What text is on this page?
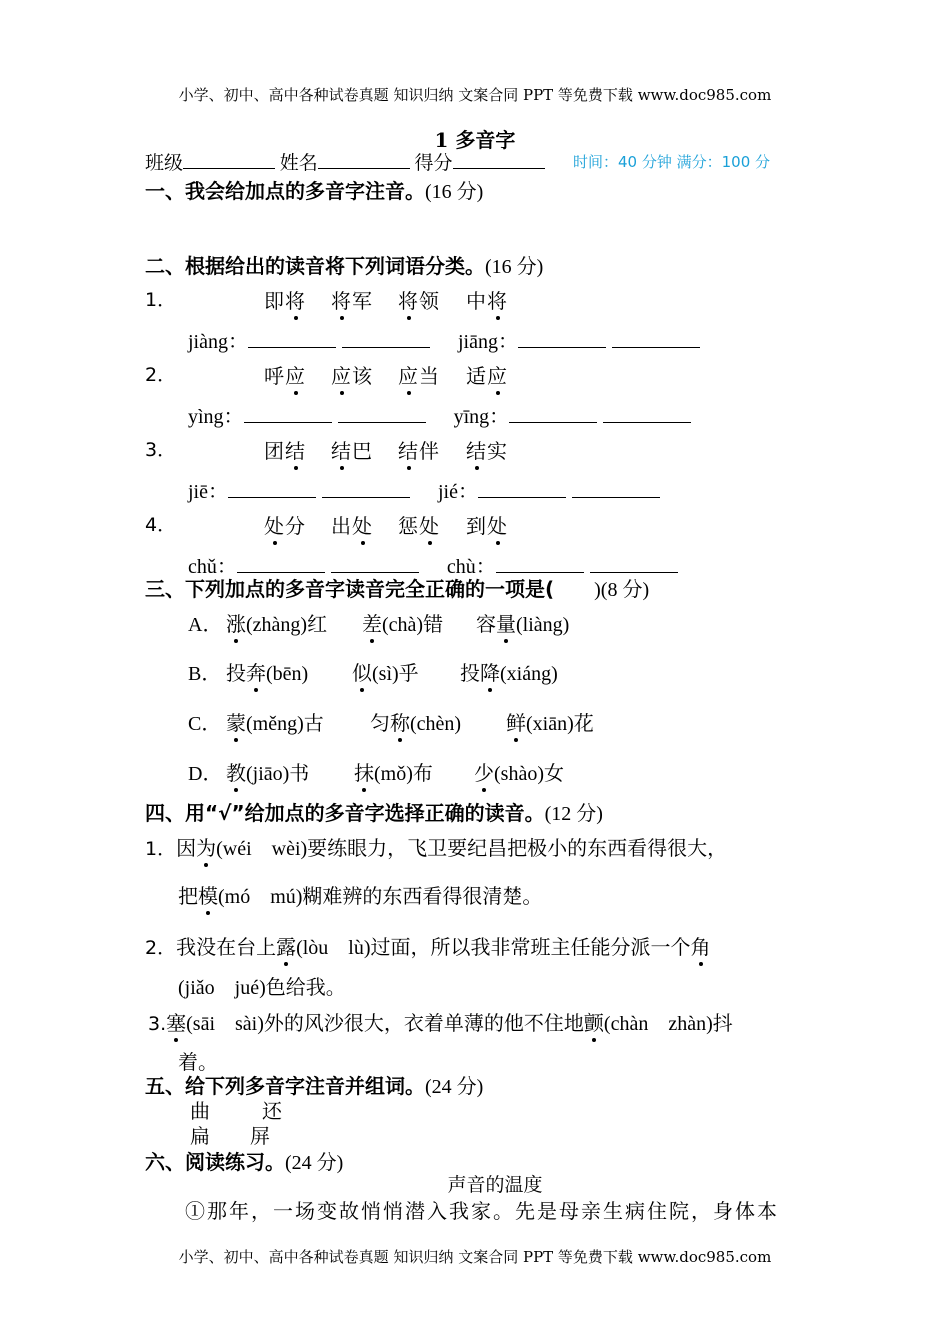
小学、初中、高中各种试卷真题 知识归纳 文案合同 PPT 等免费下载 www.doc985.com
1 多音字
班级	姓名	得分	时间：40 分钟 满分：100 分
一、我会给加点的多音字注音。(16 分)
二、根据给出的读音将下列词语分类。(16 分)
1．	即将 将军 将领 中将
jiàng：	jiāng：
2．	呼应 应该 应当 适应
yìng：	yīng：
3．	团结 结巴 结伴 结实
jiē：	jié：
4．	处分 出处 惩处 到处
chǔ：	chù：
三、下列加点的多音字读音完全正确的一项是( )(8 分)
A． 涨(zhàng)红 差(chà)错 容量(liàng)
B． 投奔(bēn) 似(sì)乎 投降(xiáng)
C． 蒙(měng)古 匀称(chèn) 鲜(xiān)花
D． 教(jiāo)书 抹(mǒ)布 少(shào)女
四、用“√”给加点的多音字选择正确的读音。(12 分)
1．因为(wéi　wèi)要练眼力，飞卫要纪昌把极小的东西看得很大，
把模(mó　mú)糊难辨的东西看得很清楚。
2．我没在台上露(lòu　lù)过面，所以我非常班主任能分派一个角
(jiǎo　jué)色给我。
3.塞(sāi　sài)外的风沙很大，衣着单薄的他不住地颤(chàn　zhàn)抖
着。
五、给下列多音字注音并组词。(24 分)
曲	还
扁 屏
六、阅读练习。(24 分)
声音的温度
①那年，一场变故悄悄潜入我家。先是母亲生病住院，身体本
小学、初中、高中各种试卷真题 知识归纳 文案合同 PPT 等免费下载 www.doc985.com
